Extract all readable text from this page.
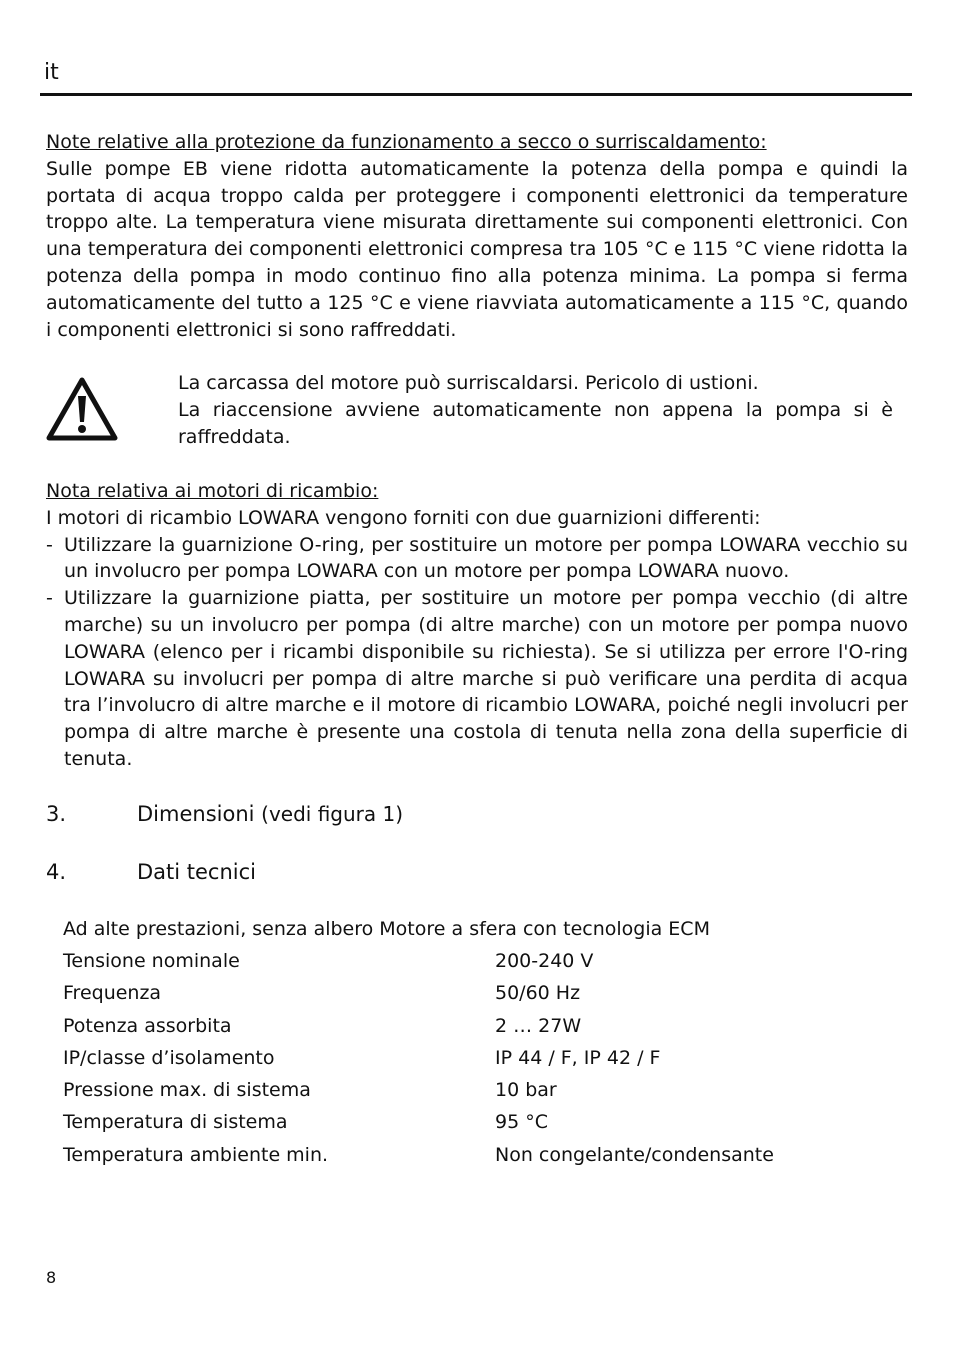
it

Note relative alla protezione da funzionamento a secco o surriscaldamento:

Sulle pompe EB viene ridotta automaticamente la potenza della pompa e quindi la portata di acqua troppo calda per proteggere i componenti elettronici da temperature troppo alte. La temperatura viene misurata direttamente sui componenti elettronici. Con una temperatura dei componenti elettronici compresa tra 105 °C e 115 °C viene ridotta la potenza della pompa in modo continuo fino alla potenza minima. La pompa si ferma automaticamente del tutto a 125 °C e viene riavviata automaticamente a 115 °C, quando i componenti elettronici si sono raffreddati.

La carcassa del motore può surriscaldarsi. Pericolo di ustioni.

La riaccensione avviene automaticamente non appena la pompa si è raffreddata.

Nota relativa ai motori di ricambio:

I motori di ricambio LOWARA vengono forniti con due guarnizioni differenti:

- Utilizzare la guarnizione O-ring, per sostituire un motore per pompa LOWARA vecchio su un involucro per pompa LOWARA con un motore per pompa LOWARA nuovo.

- Utilizzare la guarnizione piatta, per sostituire un motore per pompa vecchio (di altre marche) su un involucro per pompa (di altre marche) con un motore per pompa nuovo LOWARA (elenco per i ricambi disponibile su richiesta). Se si utilizza per errore l'O-ring LOWARA su involucri per pompa di altre marche si può verificare una perdita di acqua tra l’involucro di altre marche e il motore di ricambio LOWARA, poiché negli involucri per pompa di altre marche è presente una costola di tenuta nella zona della superficie di tenuta.

3.	Dimensioni (vedi figura 1)
4.	Dati tecnici
Ad alte prestazioni, senza albero Motore a sfera con tecnologia ECM
Tensione nominale	200-240 V
Frequenza	50/60 Hz
Potenza assorbita	2 … 27W
IP/classe d’isolamento	IP 44 / F, IP 42 / F
Pressione max. di sistema	10 bar
Temperatura di sistema	95 °C
Temperatura ambiente min.	Non congelante/condensante
8
